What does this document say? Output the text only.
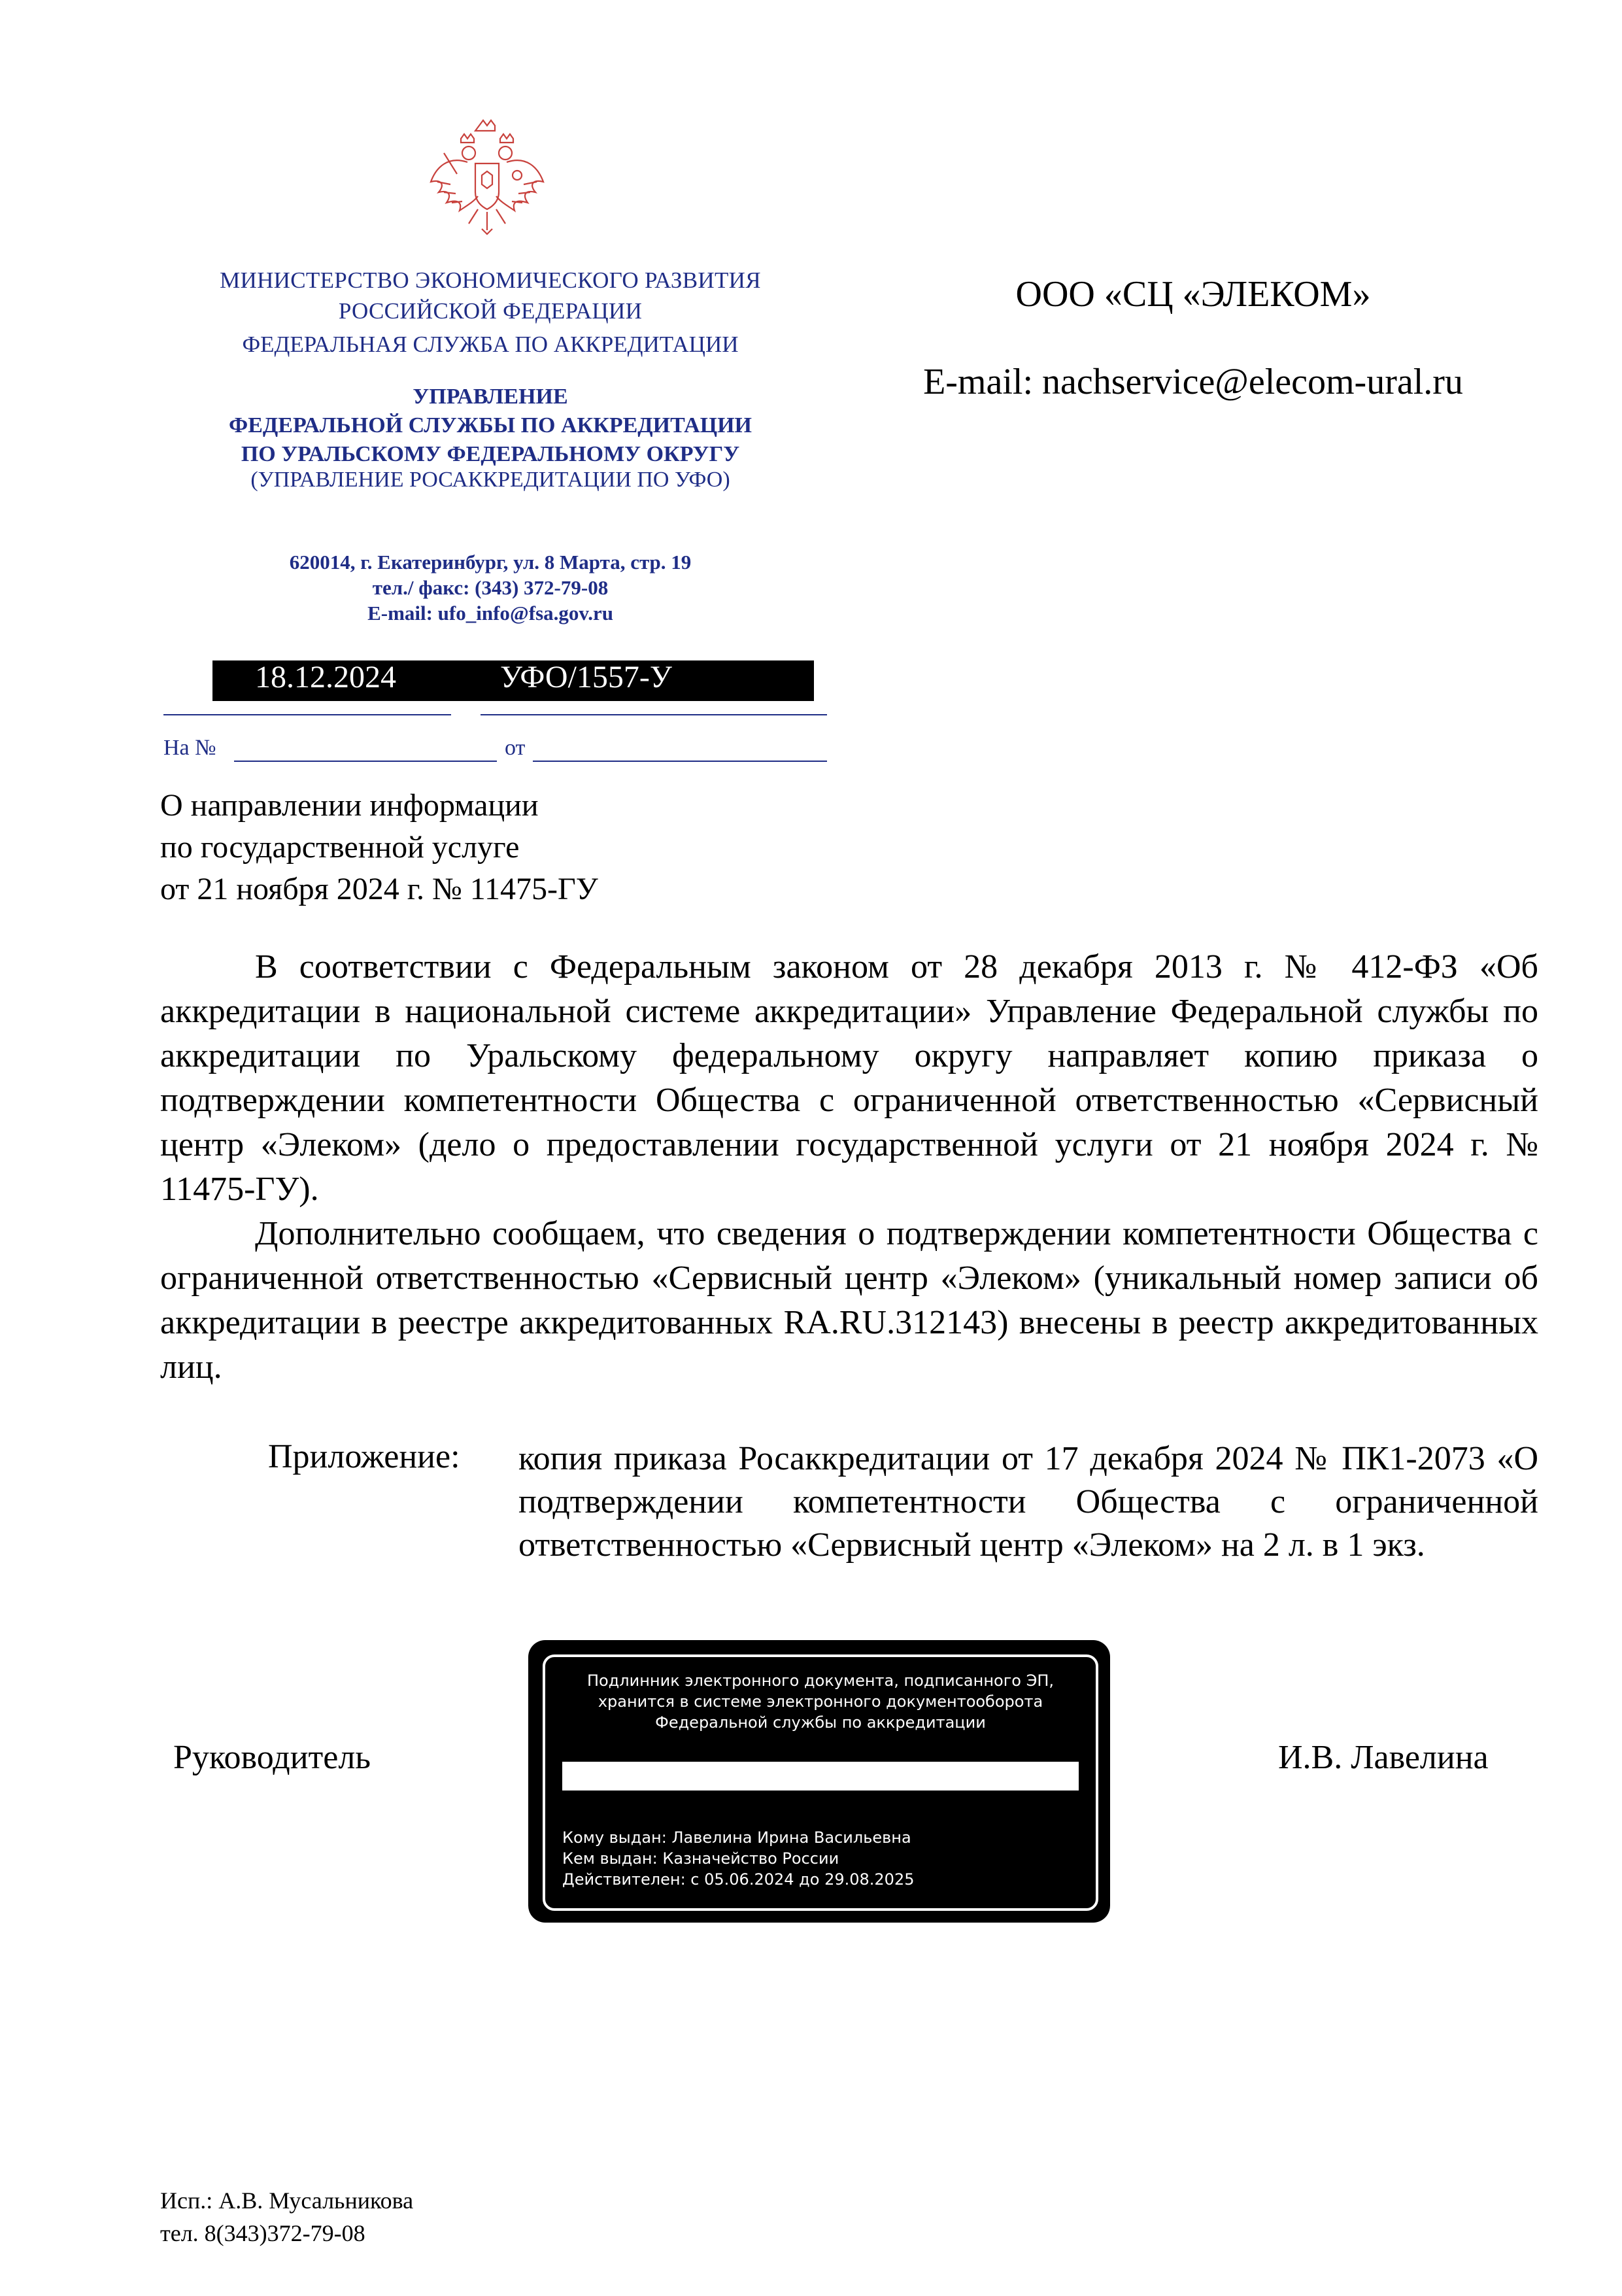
МИНИСТЕРСТВО ЭКОНОМИЧЕСКОГО РАЗВИТИЯ
РОССИЙСКОЙ ФЕДЕРАЦИИ
ФЕДЕРАЛЬНАЯ СЛУЖБА ПО АККРЕДИТАЦИИ
УПРАВЛЕНИЕ
ФЕДЕРАЛЬНОЙ СЛУЖБЫ ПО АККРЕДИТАЦИИ
ПО УРАЛЬСКОМУ ФЕДЕРАЛЬНОМУ ОКРУГУ
(УПРАВЛЕНИЕ РОСАККРЕДИТАЦИИ ПО УФО)
620014, г. Екатеринбург, ул. 8 Марта, стр. 19
тел./ факс: (343) 372-79-08
E-mail: ufo_info@fsa.gov.ru
ООО «СЦ «ЭЛЕКОМ»
E-mail: nachservice@elecom-ural.ru
18.12.2024	УФО/1557-У
На №	от
О направлении информации
по государственной услуге
от 21 ноября 2024 г. № 11475-ГУ
В соответствии с Федеральным законом от 28 декабря 2013 г. № 412-ФЗ «Об аккредитации в национальной системе аккредитации» Управление Федеральной службы по аккредитации по Уральскому федеральному округу направляет копию приказа о подтверждении компетентности Общества с ограниченной ответственностью «Сервисный центр «Элеком» (дело о предоставлении государственной услуги от 21 ноября 2024 г. № 11475-ГУ).
Дополнительно сообщаем, что сведения о подтверждении компетентности Общества с ограниченной ответственностью «Сервисный центр «Элеком» (уникальный номер записи об аккредитации в реестре аккредитованных RA.RU.312143) внесены в реестр аккредитованных лиц.
Приложение: копия приказа Росаккредитации от 17 декабря 2024 № ПК1-2073 «О подтверждении компетентности Общества с ограниченной ответственностью «Сервисный центр «Элеком» на 2 л. в 1 экз.
Руководитель	И.В. Лавелина
Подлинник электронного документа, подписанного ЭП,
хранится в системе электронного документооборота
Федеральной службы по аккредитации
Кому выдан: Лавелина Ирина Васильевна
Кем выдан: Казначейство России
Действителен: с 05.06.2024 до 29.08.2025
Исп.: А.В. Мусальникова
тел. 8(343)372-79-08
